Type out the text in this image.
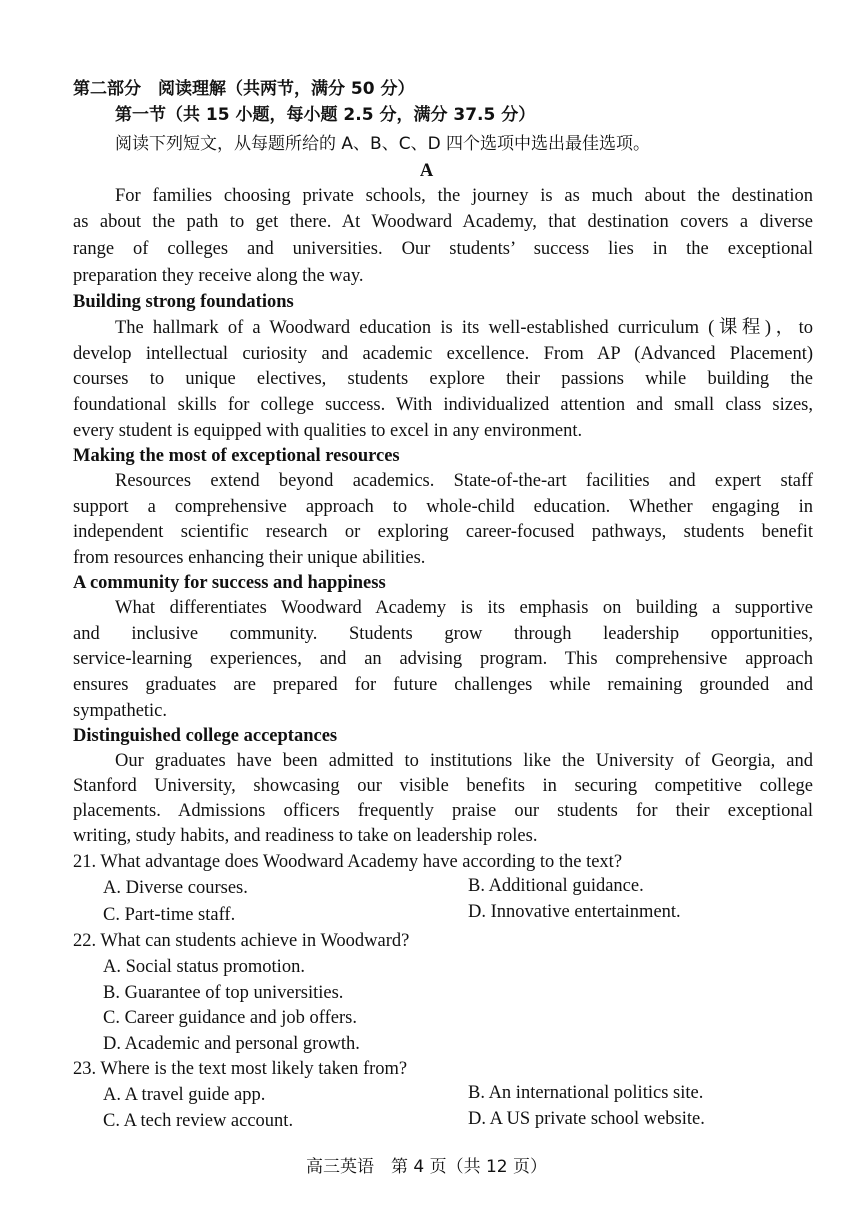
第二部分　阅读理解（共两节，满分 50 分）
第一节（共 15 小题，每小题 2.5 分，满分 37.5 分）
阅读下列短文，从每题所给的 A、B、C、D 四个选项中选出最佳选项。
A
For families choosing private schools, the journey is as much about the destination
as about the path to get there. At Woodward Academy, that destination covers a diverse
range of colleges and universities. Our students’ success lies in the exceptional
preparation they receive along the way.
Building strong foundations
The hallmark of a Woodward education is its well-established curriculum (课程)，to
develop intellectual curiosity and academic excellence. From AP (Advanced Placement)
courses to unique electives, students explore their passions while building the
foundational skills for college success. With individualized attention and small class sizes,
every student is equipped with qualities to excel in any environment.
Making the most of exceptional resources
Resources extend beyond academics. State-of-the-art facilities and expert staff
support a comprehensive approach to whole-child education. Whether engaging in
independent scientific research or exploring career-focused pathways, students benefit
from resources enhancing their unique abilities.
A community for success and happiness
What differentiates Woodward Academy is its emphasis on building a supportive
and inclusive community. Students grow through leadership opportunities,
service-learning experiences, and an advising program. This comprehensive approach
ensures graduates are prepared for future challenges while remaining grounded and
sympathetic.
Distinguished college acceptances
Our graduates have been admitted to institutions like the University of Georgia, and
Stanford University, showcasing our visible benefits in securing competitive college
placements. Admissions officers frequently praise our students for their exceptional
writing, study habits, and readiness to take on leadership roles.
21. What advantage does Woodward Academy have according to the text?
A. Diverse courses.	B. Additional guidance.
C. Part-time staff.	D. Innovative entertainment.
22. What can students achieve in Woodward?
A. Social status promotion.
B. Guarantee of top universities.
C. Career guidance and job offers.
D. Academic and personal growth.
23. Where is the text most likely taken from?
A. A travel guide app.	B. An international politics site.
C. A tech review account.	D. A US private school website.
高三英语　第 4 页（共 12 页）
